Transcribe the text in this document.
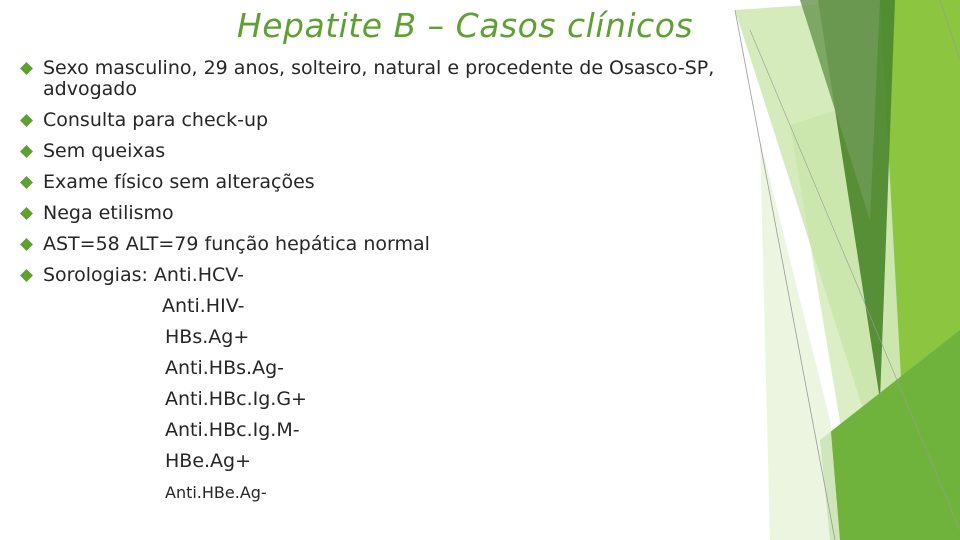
Hepatite B – Casos clínicos
Sexo masculino, 29 anos, solteiro, natural e procedente de Osasco-SP, advogado
Consulta para check-up
Sem queixas
Exame físico sem alterações
Nega etilismo
AST=58 ALT=79 função hepática normal
Sorologias: Anti.HCV-
Anti.HIV-
HBs.Ag+
Anti.HBs.Ag-
Anti.HBc.Ig.G+
Anti.HBc.Ig.M-
HBe.Ag+
Anti.HBe.Ag-
